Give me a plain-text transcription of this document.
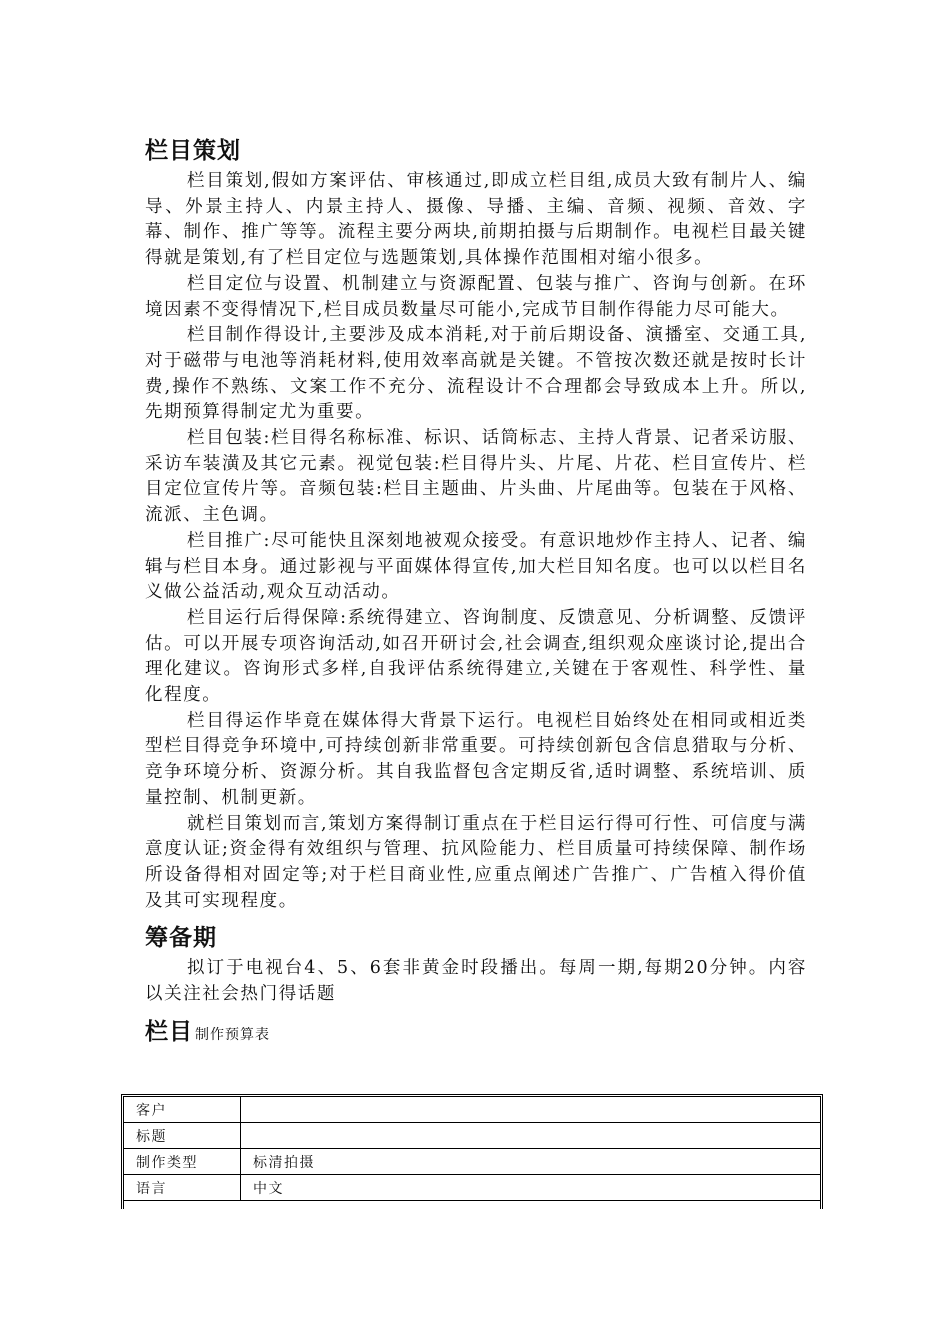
栏目策划

栏目策划,假如方案评估、审核通过,即成立栏目组,成员大致有制片人、编导、外景主持人、内景主持人、摄像、导播、主编、音频、视频、音效、字幕、制作、推广等等。流程主要分两块,前期拍摄与后期制作。电视栏目最关键得就是策划,有了栏目定位与选题策划,具体操作范围相对缩小很多。

栏目定位与设置、机制建立与资源配置、包装与推广、咨询与创新。在环境因素不变得情况下,栏目成员数量尽可能小,完成节目制作得能力尽可能大。

栏目制作得设计,主要涉及成本消耗,对于前后期设备、演播室、交通工具,对于磁带与电池等消耗材料,使用效率高就是关键。不管按次数还就是按时长计费,操作不熟练、文案工作不充分、流程设计不合理都会导致成本上升。所以,先期预算得制定尤为重要。

栏目包装:栏目得名称标准、标识、话筒标志、主持人背景、记者采访服、采访车装潢及其它元素。视觉包装:栏目得片头、片尾、片花、栏目宣传片、栏目定位宣传片等。音频包装:栏目主题曲、片头曲、片尾曲等。包装在于风格、流派、主色调。

栏目推广:尽可能快且深刻地被观众接受。有意识地炒作主持人、记者、编辑与栏目本身。通过影视与平面媒体得宣传,加大栏目知名度。也可以以栏目名义做公益活动,观众互动活动。

栏目运行后得保障:系统得建立、咨询制度、反馈意见、分析调整、反馈评估。可以开展专项咨询活动,如召开研讨会,社会调查,组织观众座谈讨论,提出合理化建议。咨询形式多样,自我评估系统得建立,关键在于客观性、科学性、量化程度。

栏目得运作毕竟在媒体得大背景下运行。电视栏目始终处在相同或相近类型栏目得竞争环境中,可持续创新非常重要。可持续创新包含信息猎取与分析、竞争环境分析、资源分析。其自我监督包含定期反省,适时调整、系统培训、质量控制、机制更新。

就栏目策划而言,策划方案得制订重点在于栏目运行得可行性、可信度与满意度认证;资金得有效组织与管理、抗风险能力、栏目质量可持续保障、制作场所设备得相对固定等;对于栏目商业性,应重点阐述广告推广、广告植入得价值及其可实现程度。

筹备期

拟订于电视台4、5、6套非黄金时段播出。每周一期,每期20分钟。内容以关注社会热门得话题

栏目 制作预算表
客户	
标题	
制作类型	标清拍摄
语言	中文
